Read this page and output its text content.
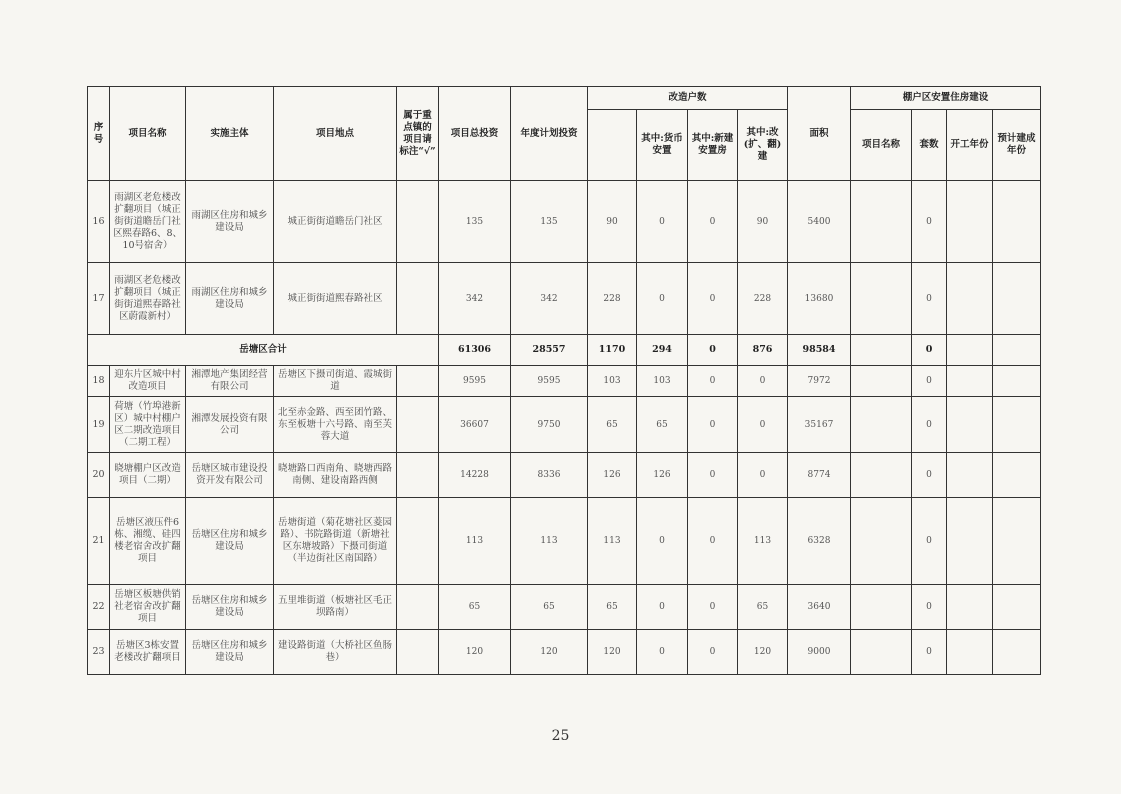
序号	项目名称	实施主体	项目地点	属于重点镇的项目请标注“√”	项目总投资	年度计划投资	改造户数				面积	棚户区安置住房建设			
								其中:货币安置	其中:新建安置房	其中:改(扩、翻)建		项目名称	套数	开工年份	预计建成年份
16	雨湖区老危楼改扩翻项目（城正街街道瞻岳门社区熙春路6、8、10号宿舍）	雨湖区住房和城乡建设局	城正街街道瞻岳门社区		135	135	90	0	0	90	5400		0		
17	雨湖区老危楼改扩翻项目（城正街街道熙春路社区蔚霞新村）	雨湖区住房和城乡建设局	城正街街道熙春路社区		342	342	228	0	0	228	13680		0		
岳塘区合计					61306	28557	1170	294	0	876	98584		0		
18	迎东片区城中村改造项目	湘潭地产集团经营有限公司	岳塘区下摄司街道、霞城街道		9595	9595	103	103	0	0	7972		0		
19	荷塘（竹埠港新区）城中村棚户区二期改造项目（二期工程）	湘潭发展投资有限公司	北至赤金路、西至团竹路、东至板塘十六号路、南至芙蓉大道		36607	9750	65	65	0	0	35167		0		
20	晓塘棚户区改造项目（二期）	岳塘区城市建设投资开发有限公司	晓塘路口西南角、晓塘西路南侧、建设南路西侧		14228	8336	126	126	0	0	8774		0		
21	岳塘区液压件6栋、湘缆、硅四楼老宿舍改扩翻项目	岳塘区住房和城乡建设局	岳塘街道（菊花塘社区菱园路）、书院路街道（新塘社区东塘坡路）下摄司街道（半边街社区南国路）		113	113	113	0	0	113	6328		0		
22	岳塘区板塘供销社老宿舍改扩翻项目	岳塘区住房和城乡建设局	五里堆街道（板塘社区毛正坝路南）		65	65	65	0	0	65	3640		0		
23	岳塘区3栋安置老楼改扩翻项目	岳塘区住房和城乡建设局	建设路街道（大桥社区鱼肠巷）		120	120	120	0	0	120	9000		0		
25
